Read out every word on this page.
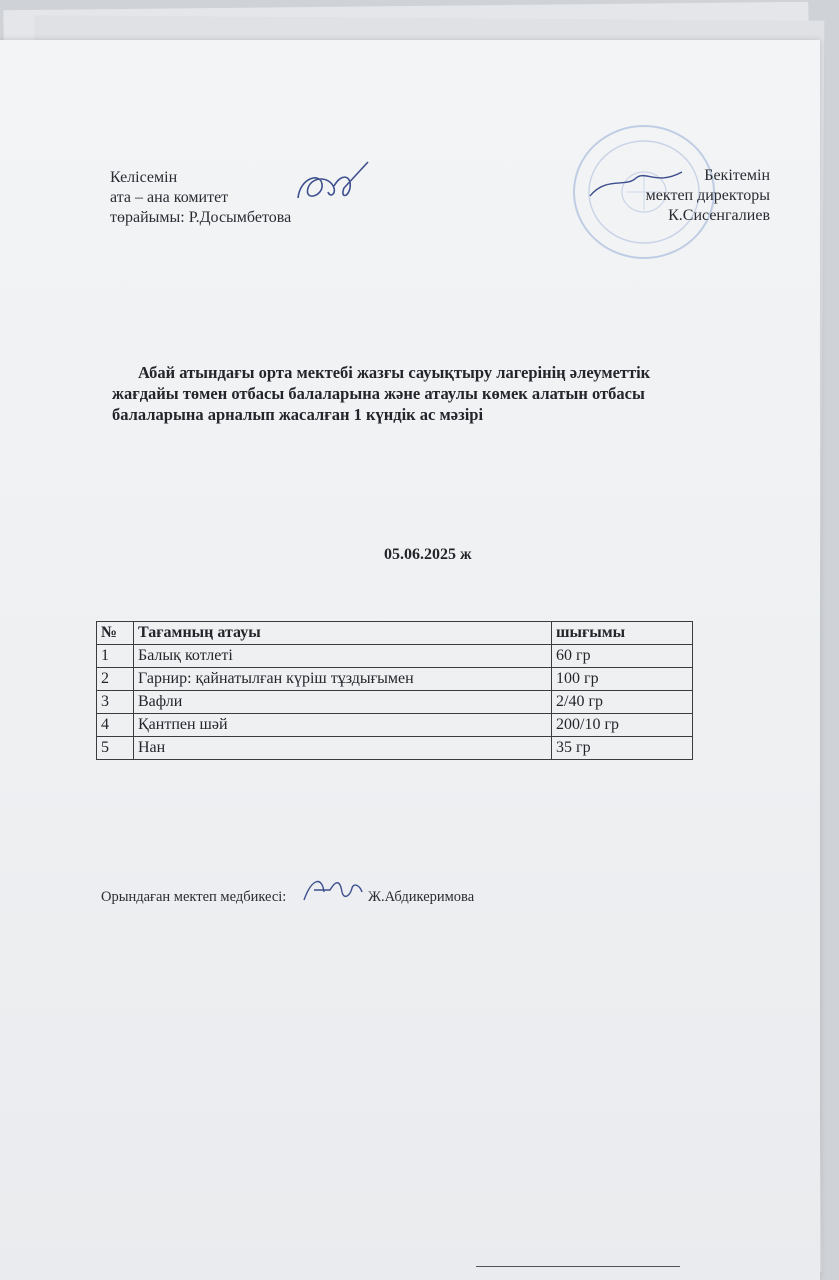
Келісемін
ата – ана комитет
төрайымы: Р.Досымбетова
Бекітемін
мектеп директоры
К.Сисенгалиев
Абай атындағы орта мектебі жазғы сауықтыру лагерінің әлеуметтік
жағдайы төмен отбасы балаларына және атаулы көмек алатын отбасы
балаларына арналып жасалған 1 күндік ас мәзірі
05.06.2025 ж
№	Тағамның атауы	шығымы
1	Балық котлеті	60 гр
2	Гарнир: қайнатылған күріш тұздығымен	100 гр
3	Вафли	2/40 гр
4	Қантпен шәй	200/10 гр
5	Нан	35 гр
Орындаған мектеп медбикесі:	Ж.Абдикеримова
